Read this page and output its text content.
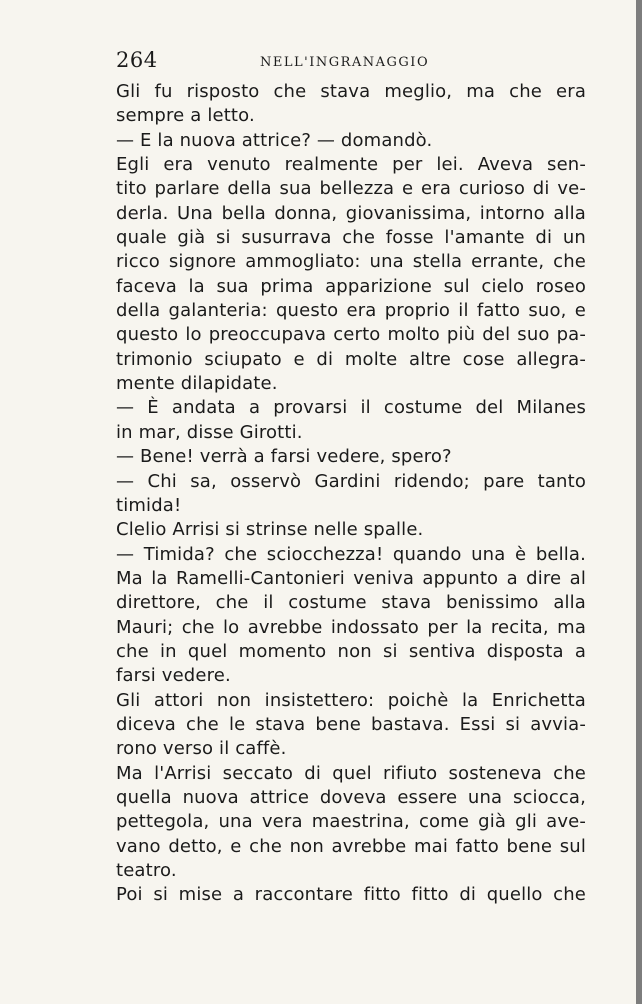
264	NELL'INGRANAGGIO
Gli fu risposto che stava meglio, ma che era
sempre a letto.
— E la nuova attrice? — domandò.
Egli era venuto realmente per lei. Aveva sen-
tito parlare della sua bellezza e era curioso di ve-
derla. Una bella donna, giovanissima, intorno alla
quale già si susurrava che fosse l'amante di un
ricco signore ammogliato: una stella errante, che
faceva la sua prima apparizione sul cielo roseo
della galanteria: questo era proprio il fatto suo, e
questo lo preoccupava certo molto più del suo pa-
trimonio sciupato e di molte altre cose allegra-
mente dilapidate.
— È andata a provarsi il costume del Milanes
in mar, disse Girotti.
— Bene! verrà a farsi vedere, spero?
— Chi sa, osservò Gardini ridendo; pare tanto
timida!
Clelio Arrisi si strinse nelle spalle.
— Timida? che sciocchezza! quando una è bella.
Ma la Ramelli-Cantonieri veniva appunto a dire al
direttore, che il costume stava benissimo alla
Mauri; che lo avrebbe indossato per la recita, ma
che in quel momento non si sentiva disposta a
farsi vedere.
Gli attori non insistettero: poichè la Enrichetta
diceva che le stava bene bastava. Essi si avvia-
rono verso il caffè.
Ma l'Arrisi seccato di quel rifiuto sosteneva che
quella nuova attrice doveva essere una sciocca,
pettegola, una vera maestrina, come già gli ave-
vano detto, e che non avrebbe mai fatto bene sul
teatro.
Poi si mise a raccontare fitto fitto di quello che
